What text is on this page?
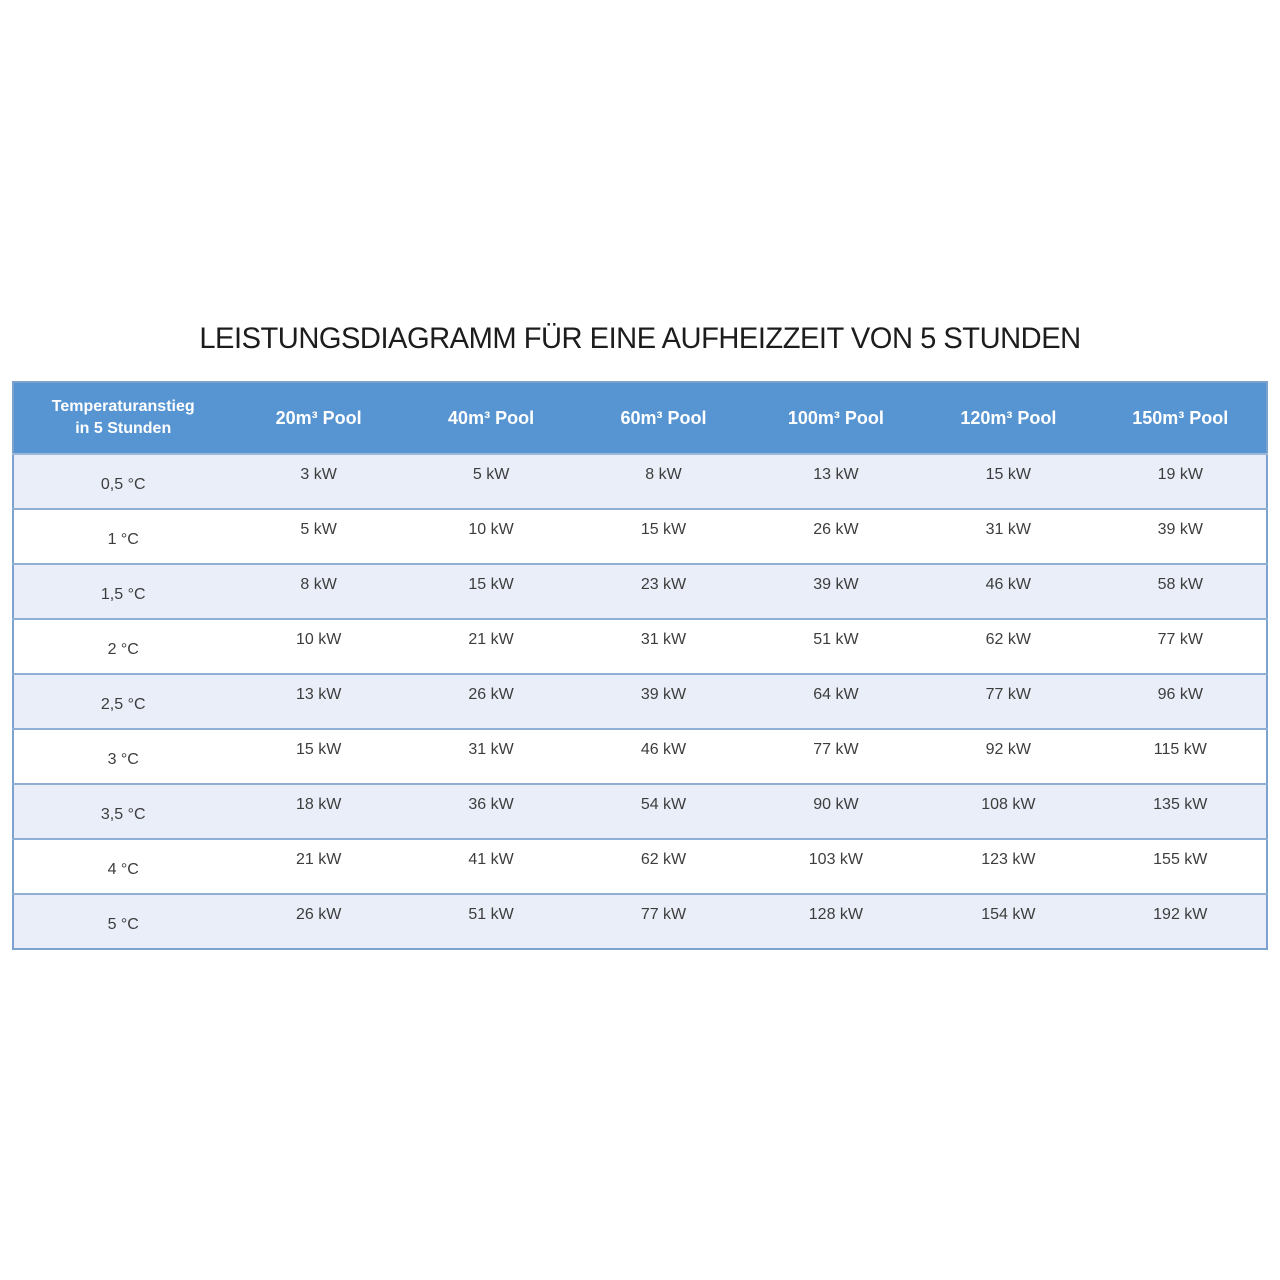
LEISTUNGSDIAGRAMM FÜR EINE AUFHEIZZEIT VON 5 STUNDEN
Temperaturanstieg
in 5 Stunden	20m³ Pool	40m³ Pool	60m³ Pool	100m³ Pool	120m³ Pool	150m³ Pool
0,5 °C	3 kW	5 kW	8 kW	13 kW	15 kW	19 kW
1 °C	5 kW	10 kW	15 kW	26 kW	31 kW	39 kW
1,5 °C	8 kW	15 kW	23 kW	39 kW	46 kW	58 kW
2 °C	10 kW	21 kW	31 kW	51 kW	62 kW	77 kW
2,5 °C	13 kW	26 kW	39 kW	64 kW	77 kW	96 kW
3 °C	15 kW	31 kW	46 kW	77 kW	92 kW	115 kW
3,5 °C	18 kW	36 kW	54 kW	90 kW	108 kW	135 kW
4 °C	21 kW	41 kW	62 kW	103 kW	123 kW	155 kW
5 °C	26 kW	51 kW	77 kW	128 kW	154 kW	192 kW
